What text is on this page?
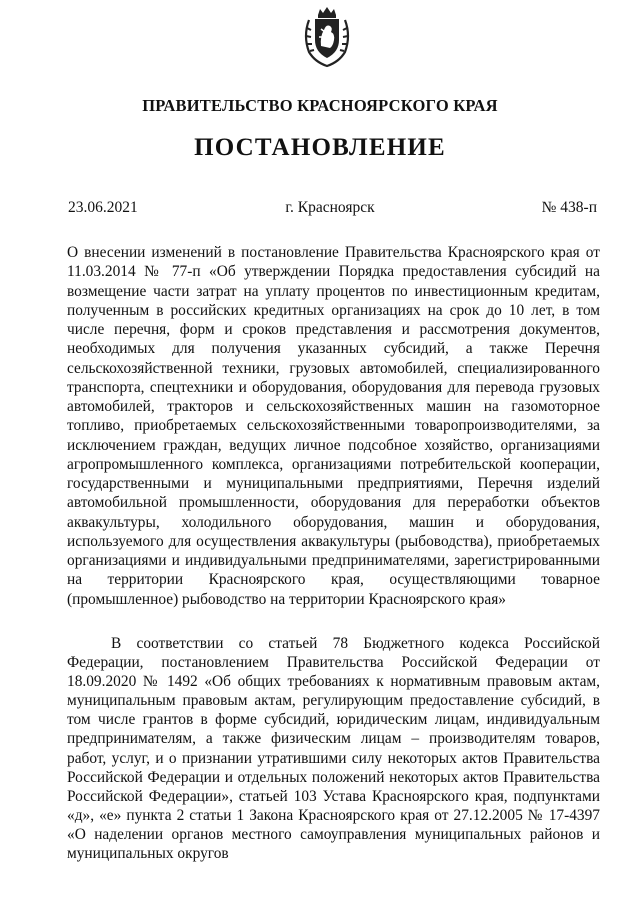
ПРАВИТЕЛЬСТВО КРАСНОЯРСКОГО КРАЯ
ПОСТАНОВЛЕНИЕ
23.06.2021	г. Красноярск	№ 438-п
О внесении изменений в постановление Правительства Красноярского края от 11.03.2014 № 77-п «Об утверждении Порядка предоставления субсидий на возмещение части затрат на уплату процентов по инвестиционным кредитам, полученным в российских кредитных организациях на срок до 10 лет, в том числе перечня, форм и сроков представления и рассмотрения документов, необходимых для получения указанных субсидий, а также Перечня сельскохозяйственной техники, грузовых автомобилей, специализированного транспорта, спецтехники и оборудования, оборудования для перевода грузовых автомобилей, тракторов и сельскохозяйственных машин на газомоторное топливо, приобретаемых сельскохозяйственными товаропроизводителями, за исключением граждан, ведущих личное подсобное хозяйство, организациями агропромышленного комплекса, организациями потребительской кооперации, государственными и муниципальными предприятиями, Перечня изделий автомобильной промышленности, оборудования для переработки объектов аквакультуры, холодильного оборудования, машин и оборудования, используемого для осуществления аквакультуры (рыбоводства), приобретаемых организациями и индивидуальными предпринимателями, зарегистрированными на территории Красноярского края, осуществляющими товарное (промышленное) рыбоводство на территории Красноярского края»
В соответствии со статьей 78 Бюджетного кодекса Российской Федерации, постановлением Правительства Российской Федерации от 18.09.2020 № 1492 «Об общих требованиях к нормативным правовым актам, муниципальным правовым актам, регулирующим предоставление субсидий, в том числе грантов в форме субсидий, юридическим лицам, индивидуальным предпринимателям, а также физическим лицам – производителям товаров, работ, услуг, и о признании утратившими силу некоторых актов Правительства Российской Федерации и отдельных положений некоторых актов Правительства Российской Федерации», статьей 103 Устава Красноярского края, подпунктами «д», «е» пункта 2 статьи 1 Закона Красноярского края от 27.12.2005 № 17-4397 «О наделении органов местного самоуправления муниципальных районов и муниципальных округов
